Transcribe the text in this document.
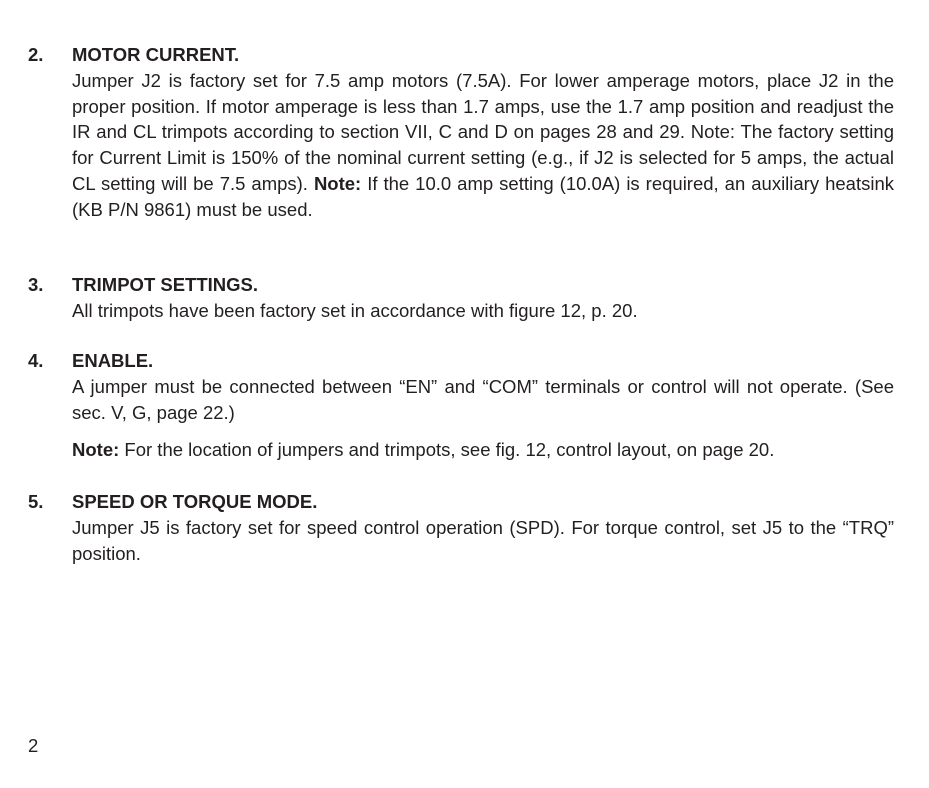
2.	MOTOR CURRENT.

Jumper J2 is factory set for 7.5 amp motors (7.5A). For lower amperage motors, place J2 in the proper position. If motor amperage is less than 1.7 amps, use the 1.7 amp position and readjust the IR and CL trimpots according to section VII, C and D on pages 28 and 29. Note: The factory setting for Current Limit is 150% of the nominal current setting (e.g., if J2 is selected for 5 amps, the actual CL setting will be 7.5 amps). Note: If the 10.0 amp setting (10.0A) is required, an auxiliary heatsink (KB P/N 9861) must be used.

3.	TRIMPOT SETTINGS.

All trimpots have been factory set in accordance with figure 12, p. 20.

4.	ENABLE.

A jumper must be connected between “EN” and “COM” terminals or control will not operate. (See sec. V, G, page 22.)

Note: For the location of jumpers and trimpots, see fig. 12, control layout, on page 20.

5.	SPEED OR TORQUE MODE.

Jumper J5 is factory set for speed control operation (SPD). For torque control, set J5 to the “TRQ” position.

2
